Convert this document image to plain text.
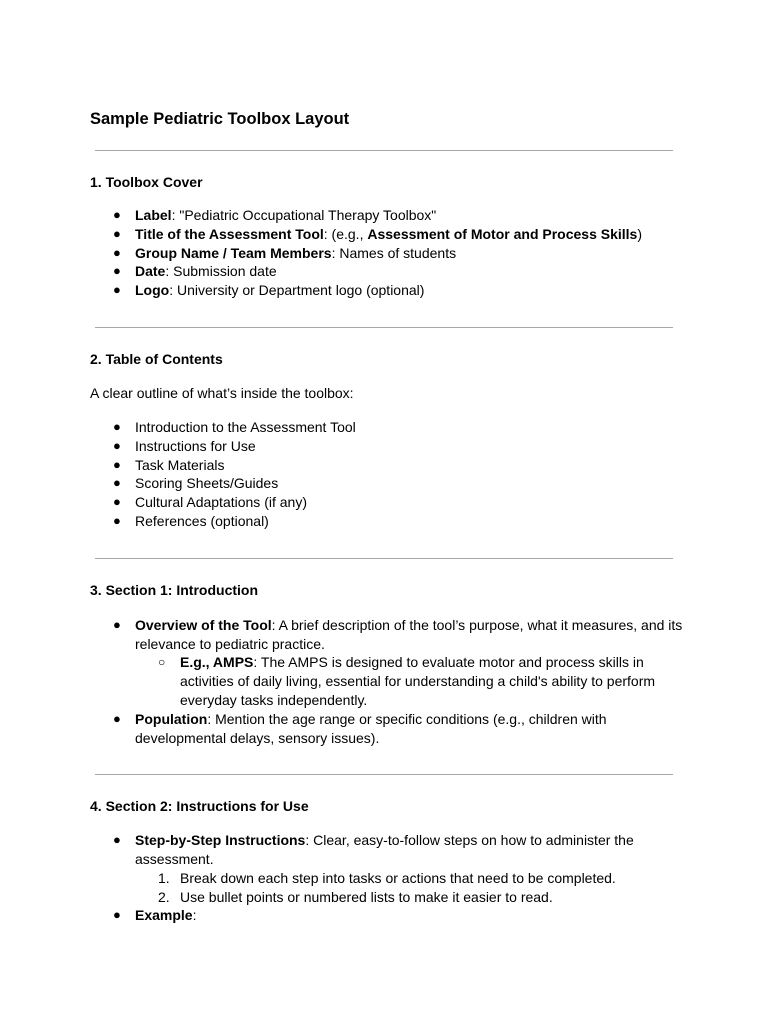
Sample Pediatric Toolbox Layout
1. Toolbox Cover
●	Label: "Pediatric Occupational Therapy Toolbox"
●	Title of the Assessment Tool: (e.g., Assessment of Motor and Process Skills)
●	Group Name / Team Members: Names of students
●	Date: Submission date
●	Logo: University or Department logo (optional)
2. Table of Contents
A clear outline of what’s inside the toolbox:
●	Introduction to the Assessment Tool
●	Instructions for Use
●	Task Materials
●	Scoring Sheets/Guides
●	Cultural Adaptations (if any)
●	References (optional)
3. Section 1: Introduction
●	Overview of the Tool: A brief description of the tool’s purpose, what it measures, and its relevance to pediatric practice.
○	E.g., AMPS: The AMPS is designed to evaluate motor and process skills in activities of daily living, essential for understanding a child's ability to perform everyday tasks independently.
●	Population: Mention the age range or specific conditions (e.g., children with developmental delays, sensory issues).
4. Section 2: Instructions for Use
●	Step-by-Step Instructions: Clear, easy-to-follow steps on how to administer the assessment.
1. Break down each step into tasks or actions that need to be completed.
2. Use bullet points or numbered lists to make it easier to read.
●	Example:
